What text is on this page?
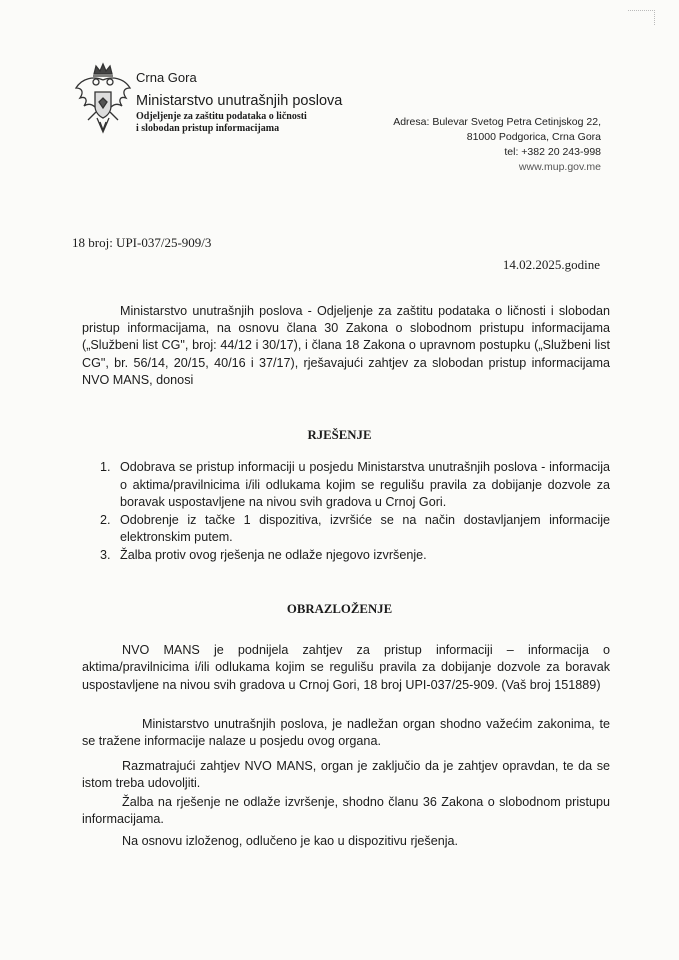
Crna Gora
Ministarstvo unutrašnjih poslova
Odjeljenje za zaštitu podataka o ličnosti
i slobodan pristup informacijama
Adresa: Bulevar Svetog Petra Cetinjskog 22,
81000 Podgorica, Crna Gora
tel: +382 20 243-998
www.mup.gov.me
18 broj: UPI-037/25-909/3
14.02.2025.godine
Ministarstvo unutrašnjih poslova - Odjeljenje za zaštitu podataka o ličnosti i slobodan pristup informacijama, na osnovu člana 30 Zakona o slobodnom pristupu informacijama („Službeni list CG", broj: 44/12 i 30/17), i člana 18 Zakona o upravnom postupku („Službeni list CG", br. 56/14, 20/15, 40/16 i 37/17), rješavajući zahtjev za slobodan pristup informacijama NVO MANS, donosi
RJEŠENJE
1. Odobrava se pristup informaciji u posjedu Ministarstva unutrašnjih poslova - informacija o aktima/pravilnicima i/ili odlukama kojim se regulišu pravila za dobijanje dozvole za boravak uspostavljene na nivou svih gradova u Crnoj Gori.
2. Odobrenje iz tačke 1 dispozitiva, izvršiće se na način dostavljanjem informacije elektronskim putem.
3. Žalba protiv ovog rješenja ne odlaže njegovo izvršenje.
OBRAZLOŽENJE

NVO MANS je podnijela zahtjev za pristup informaciji – informacija o aktima/pravilnicima i/ili odlukama kojim se regulišu pravila za dobijanje dozvole za boravak uspostavljene na nivou svih gradova u Crnoj Gori, 18 broj UPI-037/25-909. (Vaš broj 151889)

Ministarstvo unutrašnjih poslova, je nadležan organ shodno važećim zakonima, te se tražene informacije nalaze u posjedu ovog organa.

Razmatrajući zahtjev NVO MANS, organ je zaključio da je zahtjev opravdan, te da se istom treba udovoljiti.

Žalba na rješenje ne odlaže izvršenje, shodno članu 36 Zakona o slobodnom pristupu informacijama.

Na osnovu izloženog, odlučeno je kao u dispozitivu rješenja.
